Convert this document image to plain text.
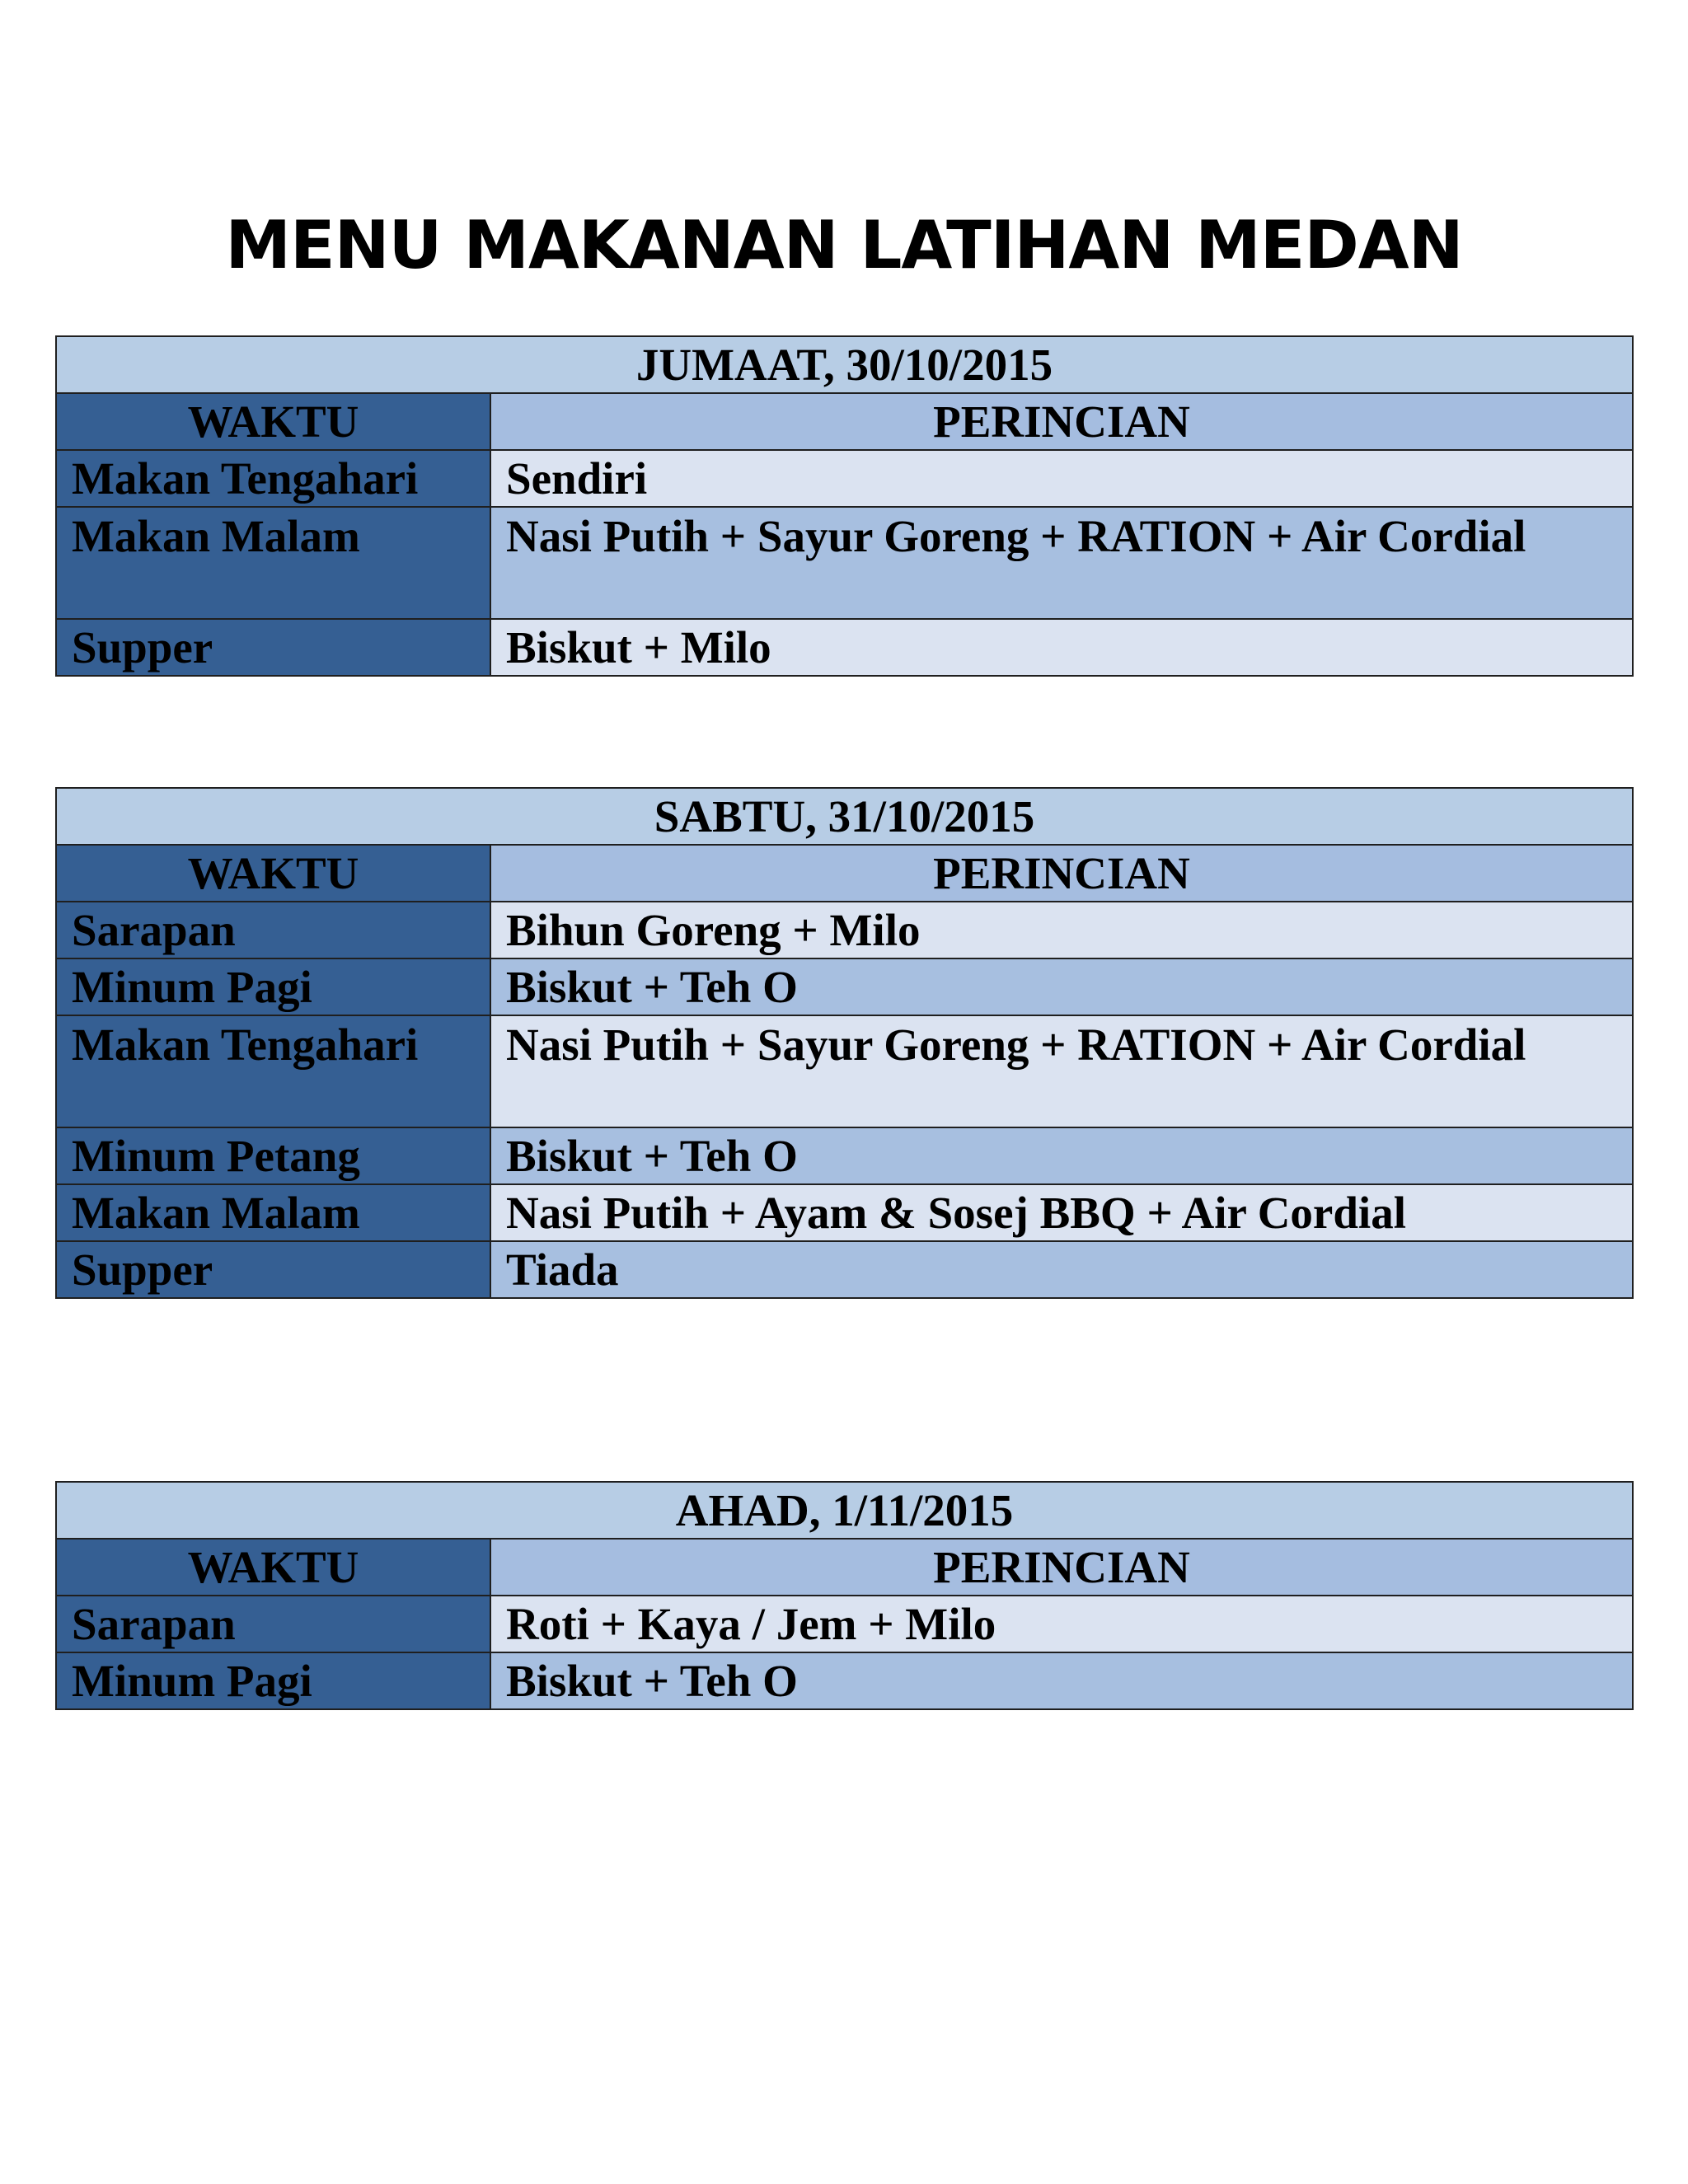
MENU MAKANAN LATIHAN MEDAN
JUMAAT, 30/10/2015	
WAKTU	PERINCIAN
Makan Tengahari	Sendiri
Makan Malam	Nasi Putih + Sayur Goreng + RATION + Air Cordial
Supper	Biskut + Milo
SABTU, 31/10/2015	
WAKTU	PERINCIAN
Sarapan	Bihun Goreng + Milo
Minum Pagi	Biskut + Teh O
Makan Tengahari	Nasi Putih + Sayur Goreng + RATION + Air Cordial
Minum Petang	Biskut + Teh O
Makan Malam	Nasi Putih + Ayam & Sosej BBQ + Air Cordial
Supper	Tiada
AHAD, 1/11/2015	
WAKTU	PERINCIAN
Sarapan	Roti + Kaya / Jem + Milo
Minum Pagi	Biskut + Teh O
